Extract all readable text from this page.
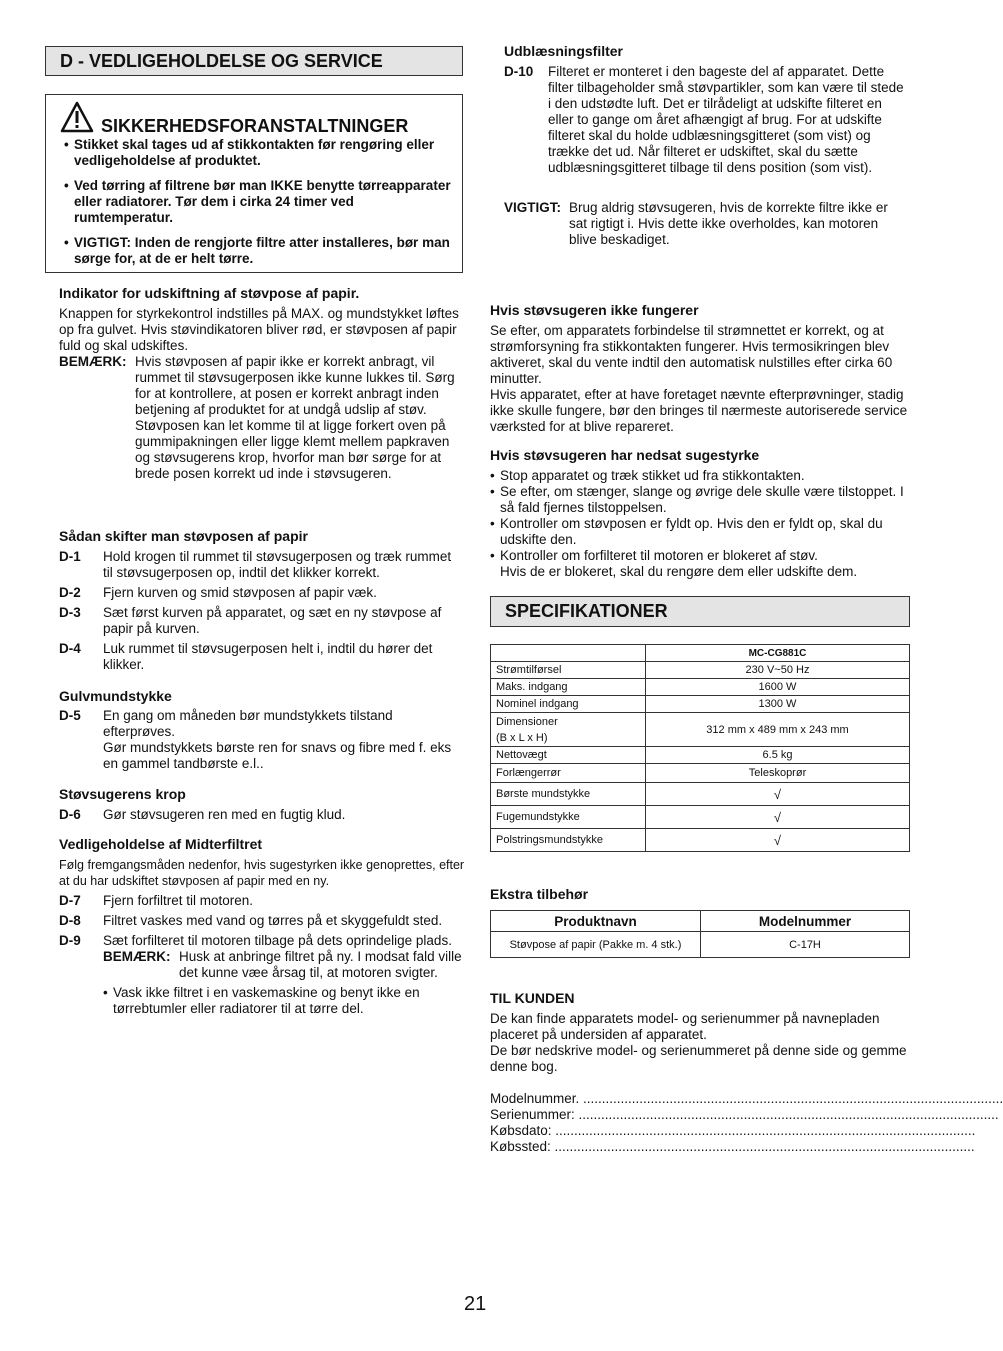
D - VEDLIGEHOLDELSE OG SERVICE
SIKKERHEDSFORANSTALTNINGER

• Stikket skal tages ud af stikkontakten før rengøring eller vedligeholdelse af produktet.

• Ved tørring af filtrene bør man IKKE benytte tørreapparater eller radiatorer. Tør dem i cirka 24 timer ved rumtemperatur.

• VIGTIGT: Inden de rengjorte filtre atter installeres, bør man sørge for, at de er helt tørre.

Indikator for udskiftning af støvpose af papir.

Knappen for styrkekontrol indstilles på MAX. og mundstykket løftes op fra gulvet. Hvis støvindikatoren bliver rød, er støvposen af papir fuld og skal udskiftes.

BEMÆRK: Hvis støvposen af papir ikke er korrekt anbragt, vil rummet til støvsugerposen ikke kunne lukkes til. Sørg for at kontrollere, at posen er korrekt anbragt inden betjening af produktet for at undgå udslip af støv.

Støvposen kan let komme til at ligge forkert oven på gummipakningen eller ligge klemt mellem papkraven og støvsugerens krop, hvorfor man bør sørge for at brede posen korrekt ud inde i støvsugeren.

Sådan skifter man støvposen af papir

D-1	Hold krogen til rummet til støvsugerposen og træk rummet til støvsugerposen op, indtil det klikker korrekt.

D-2	Fjern kurven og smid støvposen af papir væk.

D-3	Sæt først kurven på apparatet, og sæt en ny støvpose af papir på kurven.

D-4	Luk rummet til støvsugerposen helt i, indtil du hører det klikker.

Gulvmundstykke

D-5	En gang om måneden bør mundstykkets tilstand efterprøves.

Gør mundstykkets børste ren for snavs og fibre med f. eks en gammel tandbørste e.l..

Støvsugerens krop

D-6	Gør støvsugeren ren med en fugtig klud.

Vedligeholdelse af Midterfiltret

Følg fremgangsmåden nedenfor, hvis sugestyrken ikke genoprettes, efter at du har udskiftet støvposen af papir med en ny.

D-7	Fjern forfiltret til motoren.

D-8	Filtret vaskes med vand og tørres på et skyggefuldt sted.

D-9	Sæt forfilteret til motoren tilbage på dets oprindelige plads.

BEMÆRK: Husk at anbringe filtret på ny. I modsat fald ville det kunne væe årsag til, at motoren svigter.

• Vask ikke filtret i en vaskemaskine og benyt ikke en tørrebtumler eller radiatorer til at tørre del.

Udblæsningsfilter

D-10	Filteret er monteret i den bageste del af apparatet. Dette filter tilbageholder små støvpartikler, som kan være til stede i den udstødte luft. Det er tilrådeligt at udskifte filteret en eller to gange om året afhængigt af brug. For at udskifte filteret skal du holde udblæsningsgitteret (som vist) og trække det ud. Når filteret er udskiftet, skal du sætte udblæsningsgitteret tilbage til dens position (som vist).

VIGTIGT: Brug aldrig støvsugeren, hvis de korrekte filtre ikke er sat rigtigt i. Hvis dette ikke overholdes, kan motoren blive beskadiget.

Hvis støvsugeren ikke fungerer

Se efter, om apparatets forbindelse til strømnettet er korrekt, og at strømforsyning fra stikkontakten fungerer. Hvis termosikringen blev aktiveret, skal du vente indtil den automatisk nulstilles efter cirka 60 minutter.

Hvis apparatet, efter at have foretaget nævnte efterprøvninger, stadig ikke skulle fungere, bør den bringes til nærmeste autoriserede service værksted for at blive repareret.

Hvis støvsugeren har nedsat sugestyrke

• Stop apparatet og træk stikket ud fra stikkontakten.

• Se efter, om stænger, slange og øvrige dele skulle være tilstoppet. I så fald fjernes tilstoppelsen.

• Kontroller om støvposen er fyldt op. Hvis den er fyldt op, skal du udskifte den.

• Kontroller om forfilteret til motoren er blokeret af støv.

Hvis de er blokeret, skal du rengøre dem eller udskifte dem.

SPECIFIKATIONER
	MC-CG881C
Strømtilførsel	230 V~50 Hz
Maks. indgang	1600 W
Nominel indgang	1300 W
Dimensioner
(B x L x H)	312 mm x 489 mm x 243 mm
Nettovægt	6.5 kg
Forlængerrør	Teleskoprør
Børste mundstykke	√
Fugemundstykke	√
Polstringsmundstykke	√

Ekstra tilbehør

Produktnavn	Modelnummer
Støvpose af papir (Pakke m. 4 stk.)	C-17H

TIL KUNDEN

De kan finde apparatets model- og serienummer på navnepladen placeret på undersiden af apparatet.

De bør nedskrive model- og serienummeret på denne side og gemme denne bog.

Modelnummer. ................................................................................................................
Serienummer: ................................................................................................................
Købsdato: ................................................................................................................
Købssted: ................................................................................................................
21
